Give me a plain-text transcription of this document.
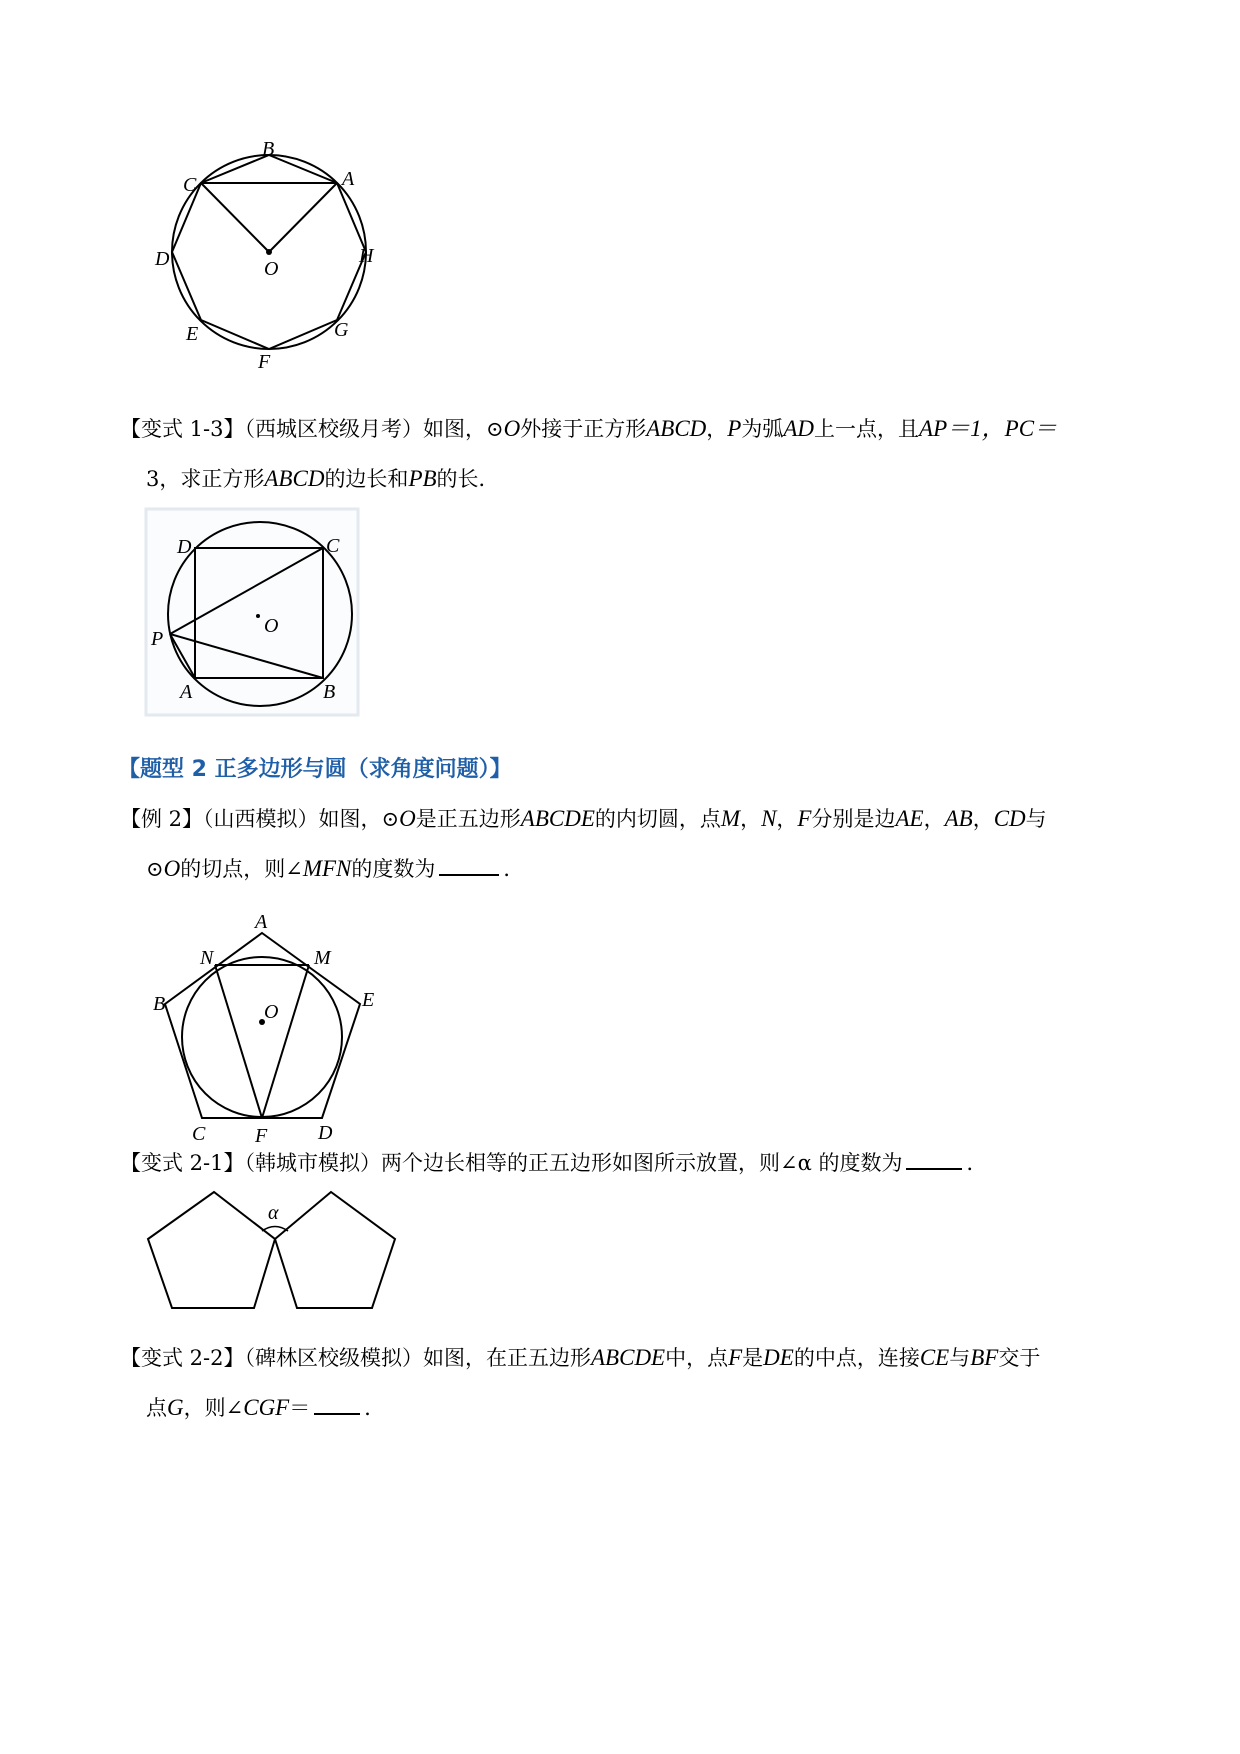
B
A
C
D	H
E	G
F
O
【变式 1-3】（西城区校级月考）如图，⊙O外接于正方形ABCD，P为弧AD上一点，且AP＝1，PC＝
3，求正方形ABCD的边长和PB的长．
D	C
P
A	B
O
【题型 2 正多边形与圆（求角度问题）】
【例 2】（山西模拟）如图，⊙O是正五边形ABCDE的内切圆，点M，N，F分别是边AE，AB，CD与
⊙O的切点，则∠MFN的度数为	．
A
N	M
B	E
C F	D
O
【变式 2-1】（韩城市模拟）两个边长相等的正五边形如图所示放置，则∠α 的度数为	．
α
【变式 2-2】（碑林区校级模拟）如图，在正五边形ABCDE中，点F是DE的中点，连接CE与BF交于
点G，则∠CGF＝	．
